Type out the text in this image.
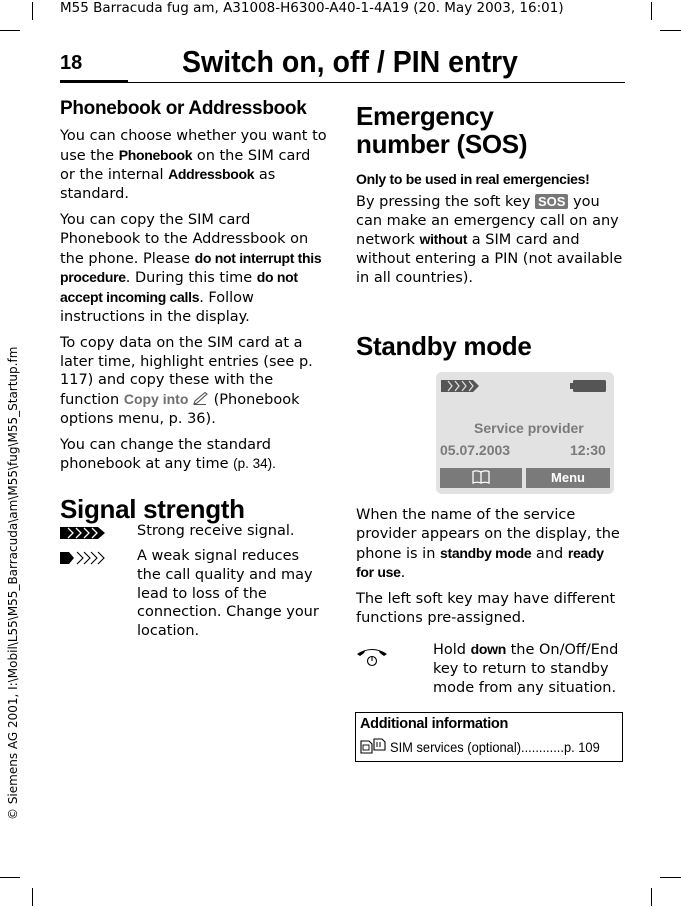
M55 Barracuda fug am, A31008-H6300-A40-1-4A19 (20. May 2003, 16:01)
© Siemens AG 2001, I:\Mobil\L55\M55_Barracuda\am\M55\fug\M55_Startup.fm
18	Switch on, off / PIN entry
Phonebook or Addressbook

You can choose whether you want to use the Phonebook on the SIM card or the internal Addressbook as standard.

You can copy the SIM card Phonebook to the Addressbook on the phone. Please do not interrupt this procedure. During this time do not accept incoming calls. Follow instructions in the display.

To copy data on the SIM card at a later time, highlight entries (see p. 117) and copy these with the function Copy into  (Phonebook options menu, p. 36).

You can change the standard phonebook at any time (p. 34).

Signal strength
Strong receive signal.
A weak signal reduces the call quality and may lead to loss of the connection. Change your location.
Emergency number (SOS)
Only to be used in real emergencies!

By pressing the soft key SOS you can make an emergency call on any network without a SIM card and without entering a PIN (not available in all countries).

Standby mode
Service provider
05.07.2003	12:30
Menu

When the name of the service provider appears on the display, the phone is in standby mode and ready for use.

The left soft key may have different functions pre-assigned.

Hold down the On/Off/End key to return to standby mode from any situation.
Additional information
SIM services (optional)............p. 109
